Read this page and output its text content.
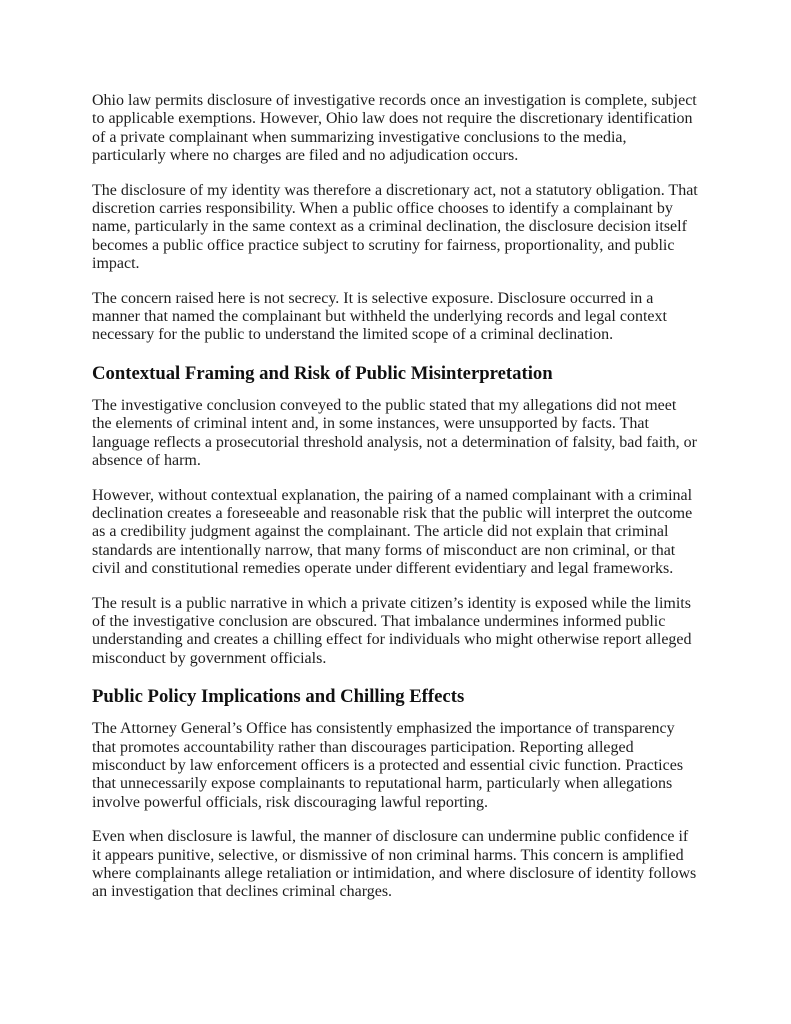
Ohio law permits disclosure of investigative records once an investigation is complete, subject to applicable exemptions. However, Ohio law does not require the discretionary identification of a private complainant when summarizing investigative conclusions to the media, particularly where no charges are filed and no adjudication occurs.

The disclosure of my identity was therefore a discretionary act, not a statutory obligation. That discretion carries responsibility. When a public office chooses to identify a complainant by name, particularly in the same context as a criminal declination, the disclosure decision itself becomes a public office practice subject to scrutiny for fairness, proportionality, and public impact.

The concern raised here is not secrecy. It is selective exposure. Disclosure occurred in a manner that named the complainant but withheld the underlying records and legal context necessary for the public to understand the limited scope of a criminal declination.

Contextual Framing and Risk of Public Misinterpretation

The investigative conclusion conveyed to the public stated that my allegations did not meet the elements of criminal intent and, in some instances, were unsupported by facts. That language reflects a prosecutorial threshold analysis, not a determination of falsity, bad faith, or absence of harm.

However, without contextual explanation, the pairing of a named complainant with a criminal declination creates a foreseeable and reasonable risk that the public will interpret the outcome as a credibility judgment against the complainant. The article did not explain that criminal standards are intentionally narrow, that many forms of misconduct are non criminal, or that civil and constitutional remedies operate under different evidentiary and legal frameworks.

The result is a public narrative in which a private citizen’s identity is exposed while the limits of the investigative conclusion are obscured. That imbalance undermines informed public understanding and creates a chilling effect for individuals who might otherwise report alleged misconduct by government officials.

Public Policy Implications and Chilling Effects

The Attorney General’s Office has consistently emphasized the importance of transparency that promotes accountability rather than discourages participation. Reporting alleged misconduct by law enforcement officers is a protected and essential civic function. Practices that unnecessarily expose complainants to reputational harm, particularly when allegations involve powerful officials, risk discouraging lawful reporting.

Even when disclosure is lawful, the manner of disclosure can undermine public confidence if it appears punitive, selective, or dismissive of non criminal harms. This concern is amplified where complainants allege retaliation or intimidation, and where disclosure of identity follows an investigation that declines criminal charges.
